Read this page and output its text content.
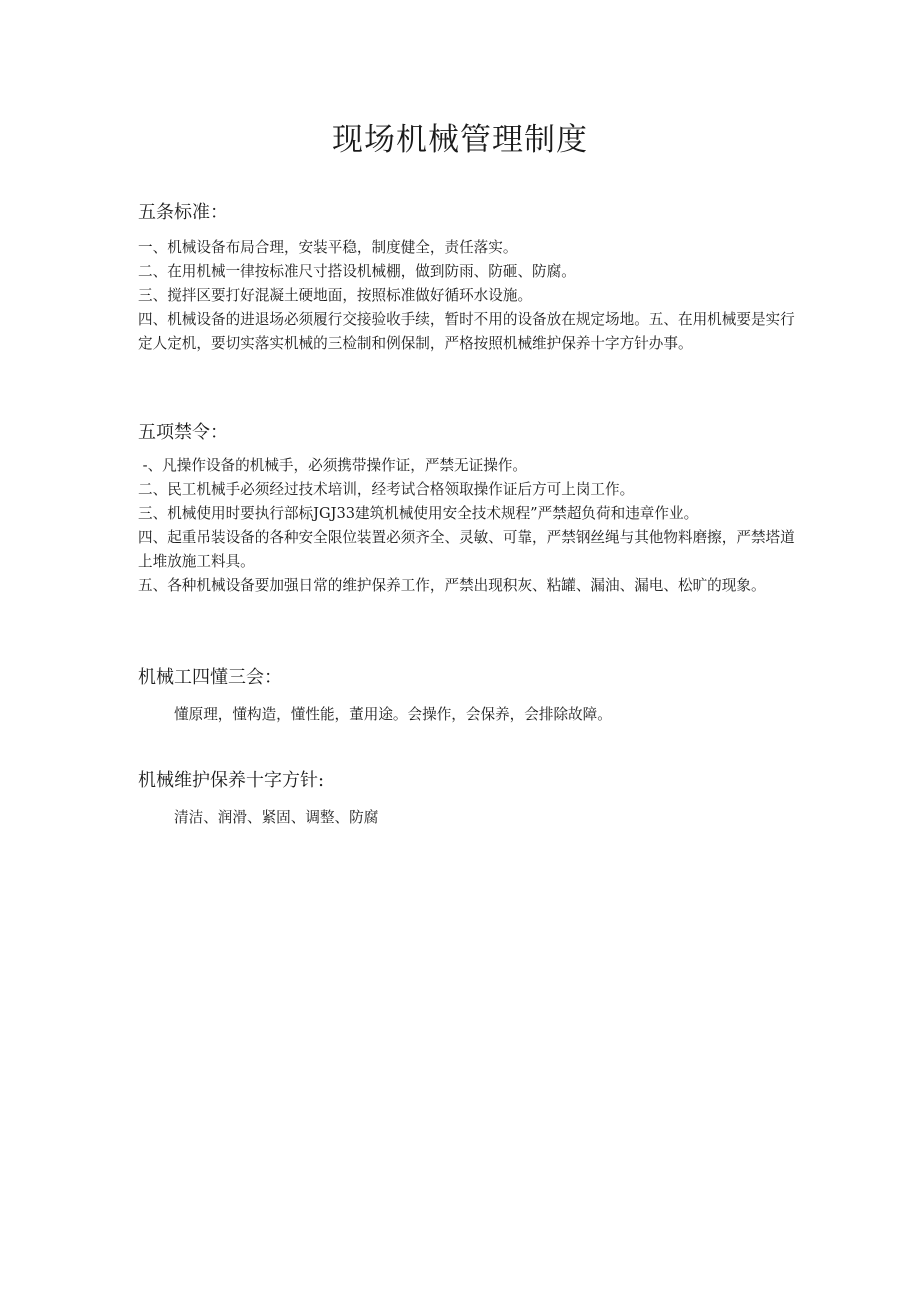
现场机械管理制度
五条标准：

一、机械设备布局合理，安装平稳，制度健全，责任落实。

二、在用机械一律按标准尺寸搭设机械棚，做到防雨、防砸、防腐。

三、搅拌区要打好混凝土硬地面，按照标准做好循环水设施。

四、机械设备的进退场必须履行交接验收手续，暂时不用的设备放在规定场地。五、在用机械要是实行定人定机，要切实落实机械的三检制和例保制，严格按照机械维护保养十字方针办事。

五项禁令：

-、凡操作设备的机械手，必须携带操作证，严禁无证操作。

二、民工机械手必须经过技术培训，经考试合格领取操作证后方可上岗工作。

三、机械使用时要执行部标JGJ33建筑机械使用安全技术规程”严禁超负荷和违章作业。

四、起重吊装设备的各种安全限位装置必须齐全、灵敏、可靠，严禁钢丝绳与其他物料磨擦，严禁塔道上堆放施工料具。

五、各种机械设备要加强日常的维护保养工作，严禁出现积灰、粘罐、漏油、漏电、松旷的现象。

机械工四懂三会：

懂原理，懂构造，懂性能，董用途。会操作，会保养，会排除故障。

机械维护保养十字方针:

清洁、润滑、紧固、调整、防腐
